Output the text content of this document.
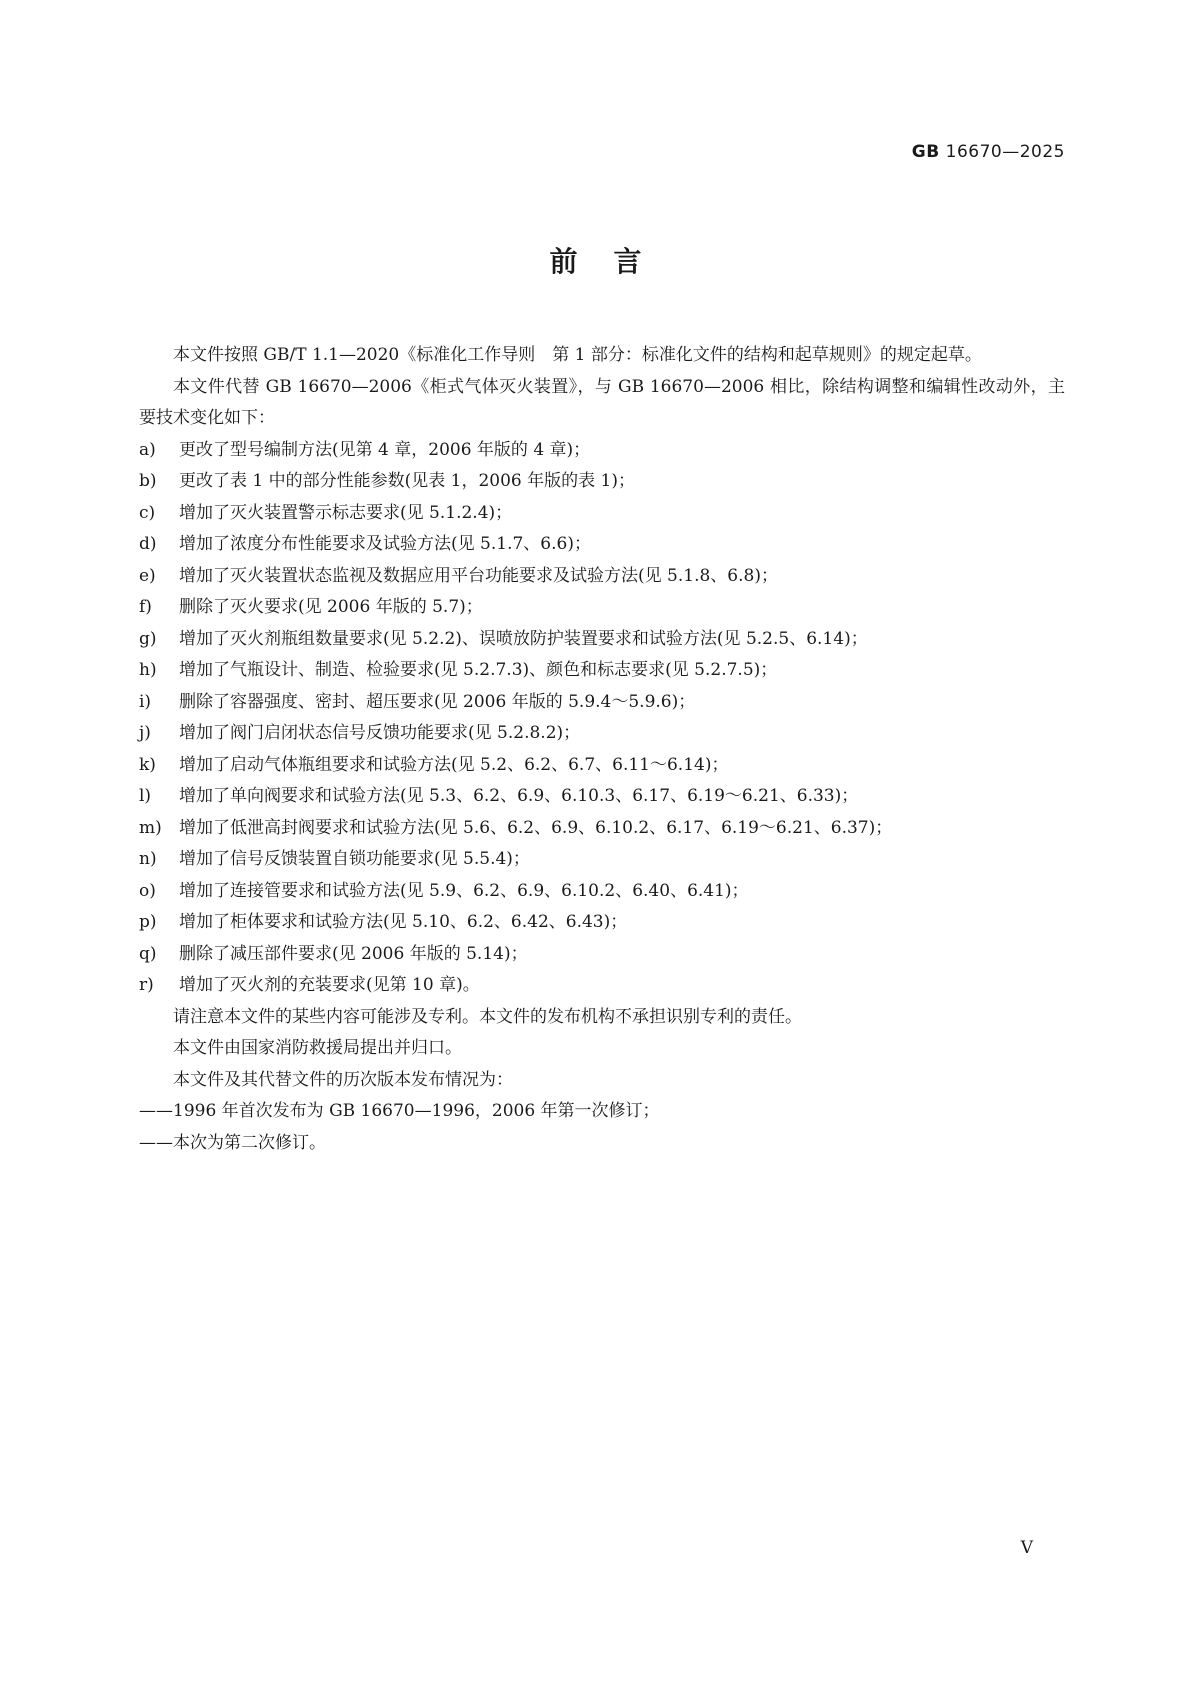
GB 16670—2025
前言

本文件按照 GB/T 1.1—2020《标准化工作导则　第 1 部分：标准化文件的结构和起草规则》的规定起草。

本文件代替 GB 16670—2006《柜式气体灭火装置》，与 GB 16670—2006 相比，除结构调整和编辑性改动外，主要技术变化如下：

a) 更改了型号编制方法(见第 4 章，2006 年版的 4 章)；

b) 更改了表 1 中的部分性能参数(见表 1，2006 年版的表 1)；

c) 增加了灭火装置警示标志要求(见 5.1.2.4)；

d) 增加了浓度分布性能要求及试验方法(见 5.1.7、6.6)；

e) 增加了灭火装置状态监视及数据应用平台功能要求及试验方法(见 5.1.8、6.8)；

f) 删除了灭火要求(见 2006 年版的 5.7)；

g) 增加了灭火剂瓶组数量要求(见 5.2.2)、误喷放防护装置要求和试验方法(见 5.2.5、6.14)；

h) 增加了气瓶设计、制造、检验要求(见 5.2.7.3)、颜色和标志要求(见 5.2.7.5)；

i) 删除了容器强度、密封、超压要求(见 2006 年版的 5.9.4～5.9.6)；

j) 增加了阀门启闭状态信号反馈功能要求(见 5.2.8.2)；

k) 增加了启动气体瓶组要求和试验方法(见 5.2、6.2、6.7、6.11～6.14)；

l) 增加了单向阀要求和试验方法(见 5.3、6.2、6.9、6.10.3、6.17、6.19～6.21、6.33)；

m) 增加了低泄高封阀要求和试验方法(见 5.6、6.2、6.9、6.10.2、6.17、6.19～6.21、6.37)；

n) 增加了信号反馈装置自锁功能要求(见 5.5.4)；

o) 增加了连接管要求和试验方法(见 5.9、6.2、6.9、6.10.2、6.40、6.41)；

p) 增加了柜体要求和试验方法(见 5.10、6.2、6.42、6.43)；

q) 删除了减压部件要求(见 2006 年版的 5.14)；

r) 增加了灭火剂的充装要求(见第 10 章)。

请注意本文件的某些内容可能涉及专利。本文件的发布机构不承担识别专利的责任。

本文件由国家消防救援局提出并归口。

本文件及其代替文件的历次版本发布情况为：

——1996 年首次发布为 GB 16670—1996，2006 年第一次修订；

——本次为第二次修订。

V
